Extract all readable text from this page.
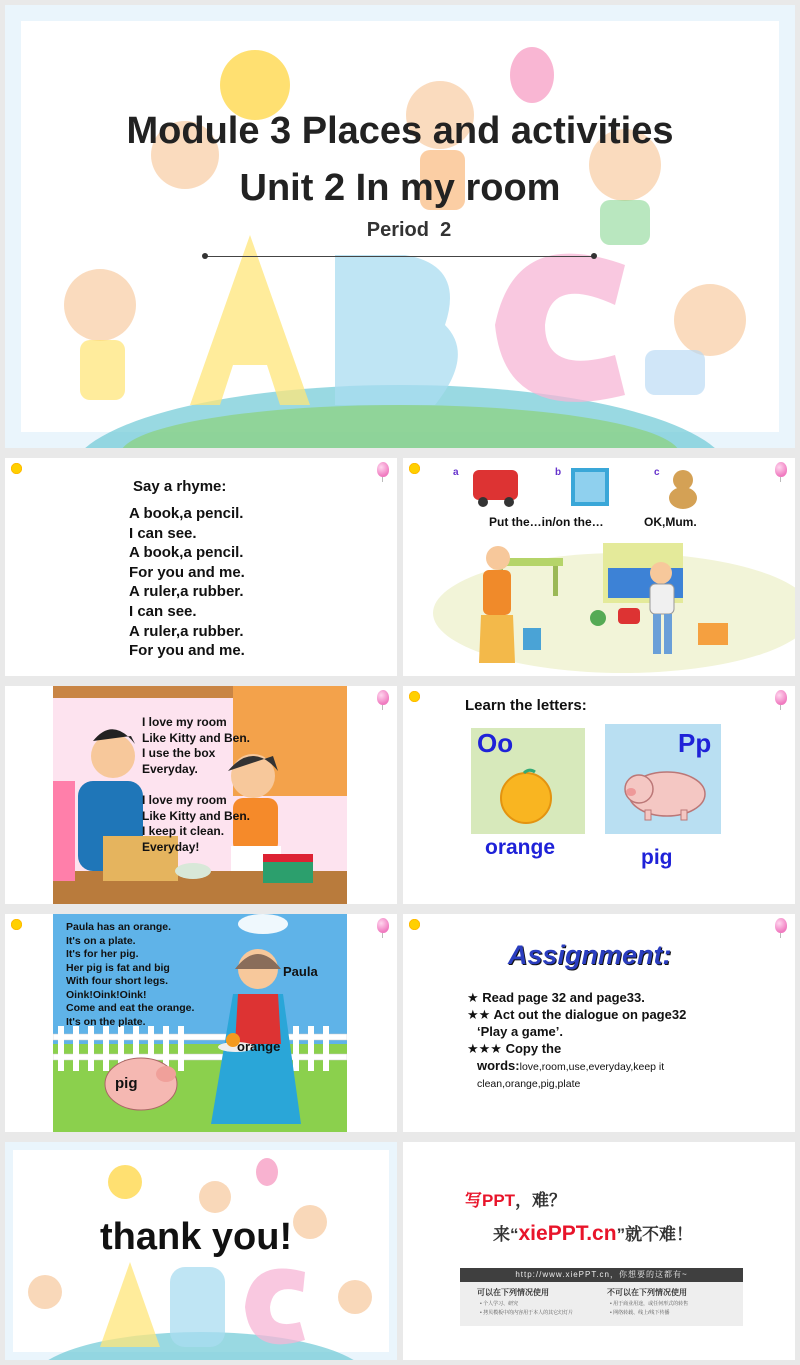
Module 3 Places and activities
Unit 2 In my room
Period  2
Say a rhyme:

A book,a pencil.

I can see.

A book,a pencil.

For you and me.

A ruler,a rubber.

I can see.

A ruler,a rubber.

For you and me.

a	b	c
Put the…in/on the…	OK,Mum.
I love my room
Like Kitty and Ben.
I use the box
Everyday.
I love my room
Like Kitty and Ben.
I keep it clean.
Everyday!
Learn the letters:
Oo
orange
Pp
pig
Paula has an orange.
It's on a plate.
It's for her pig.
Her pig is fat and big
With four short legs.
Oink!Oink!Oink!
Come and eat the orange.
It's on the plate.
Paula
orange
pig
Assignment:

★ Read page 32 and page33.

★★ Act out the dialogue on page32

‘Play a game’.

★★★ Copy the

words:love,room,use,everyday,keep it

clean,orange,pig,plate

thank you!
写PPT，难？
来“xiePPT.cn”就不难！
http://www.xiePPT.cn，你想要的这都有~
可以在下列情况使用
• 个人学习、研究
• 拷贝模板中的内容用于本人的其它幻灯片
不可以在下列情况使用
• 用于商业用途，或任何形式的转售
• 网络转载、线上/线下传播
